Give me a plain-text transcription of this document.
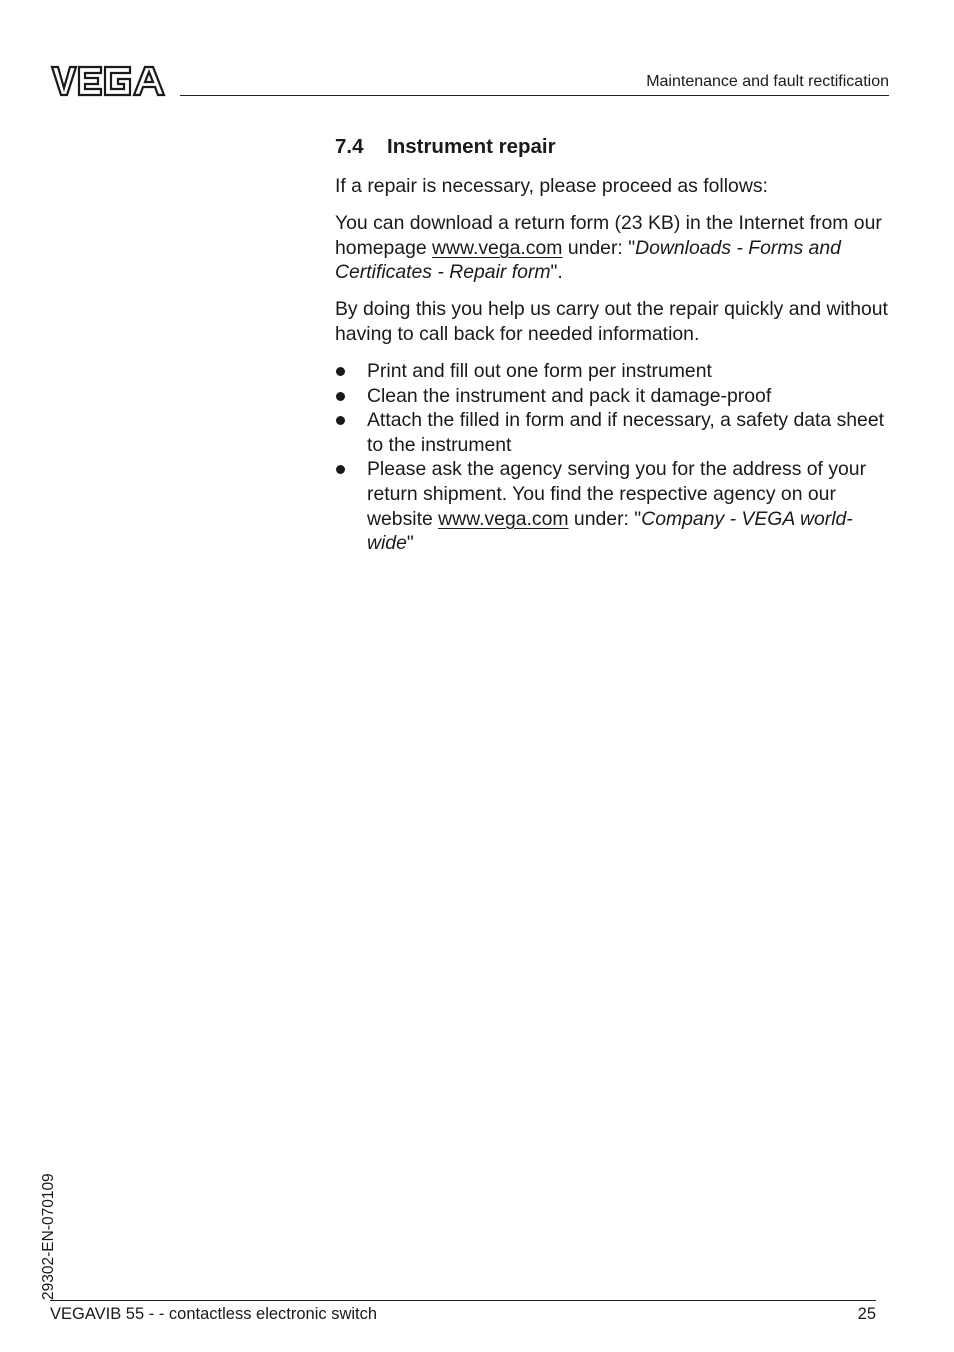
Maintenance and fault rectification
7.4 Instrument repair

If a repair is necessary, please proceed as follows:

You can download a return form (23 KB) in the Internet from our homepage www.vega.com under: "Downloads - Forms and Certificates - Repair form".

By doing this you help us carry out the repair quickly and without having to call back for needed information.

Print and fill out one form per instrument
Clean the instrument and pack it damage-proof
Attach the filled in form and if necessary, a safety data sheet to the instrument
Please ask the agency serving you for the address of your return shipment. You find the respective agency on our website www.vega.com under: "Company - VEGA world-wide"
29302-EN-070109
VEGAVIB 55 - - contactless electronic switch	25
